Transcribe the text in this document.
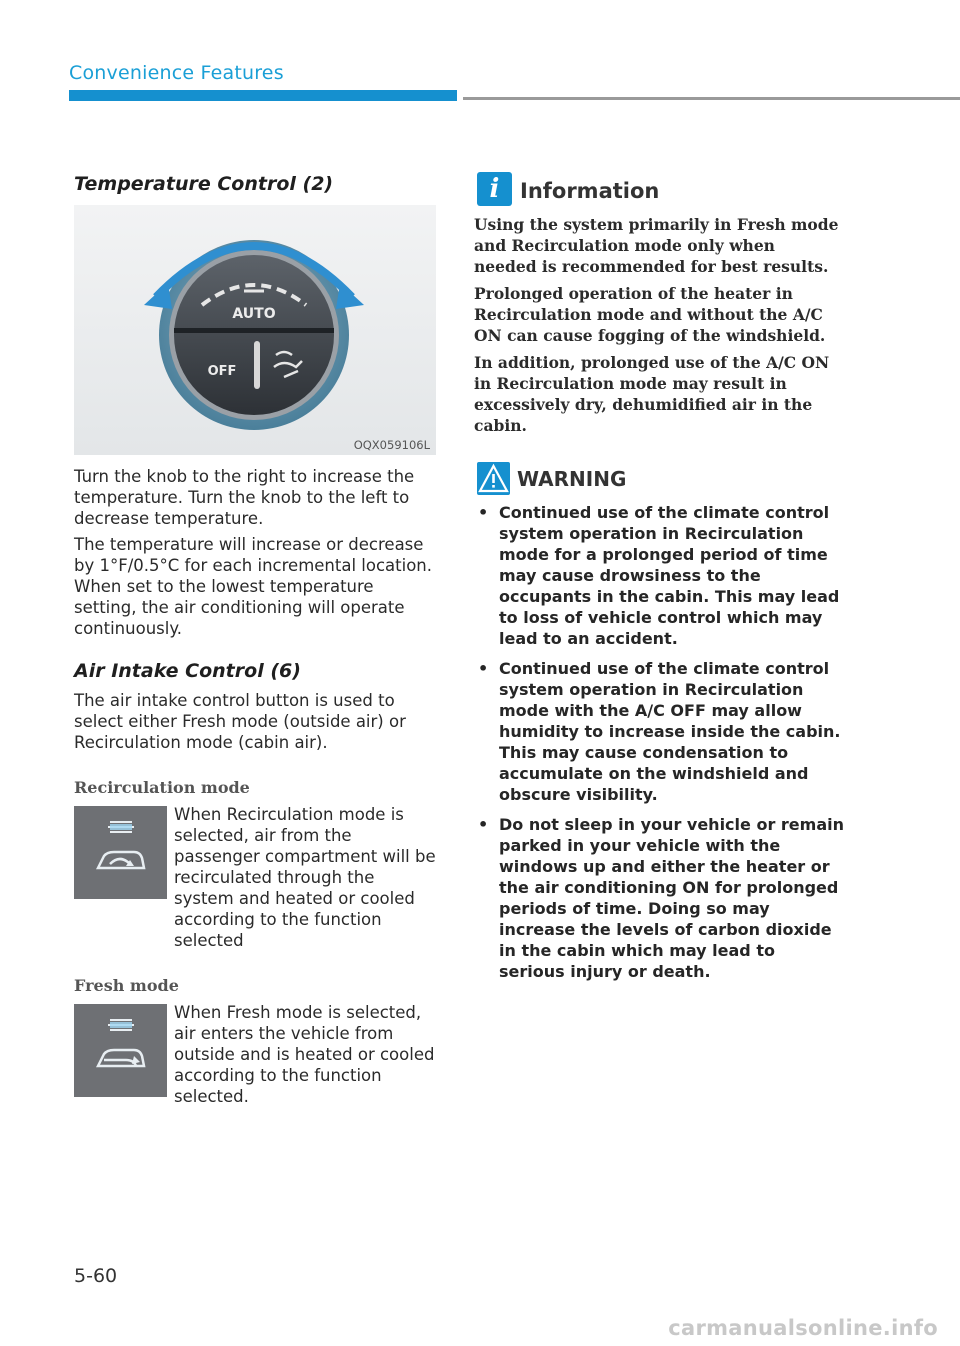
Convenience Features
Temperature Control (2)
AUTO
OFF
OQX059106L

Turn the knob to the right to increase the temperature. Turn the knob to the left to decrease temperature.

The temperature will increase or decrease by 1°F/0.5°C for each incremental location. When set to the lowest temperature setting, the air conditioning will operate continuously.

Air Intake Control (6)

The air intake control button is used to select either Fresh mode (outside air) or Recirculation mode (cabin air).

Recirculation mode

When Recirculation mode is selected, air from the passenger compartment will be recirculated through the system and heated or cooled according to the function selected

Fresh mode

When Fresh mode is selected, air enters the vehicle from outside and is heated or cooled according to the function selected.

i Information

Using the system primarily in Fresh mode and Recirculation mode only when needed is recommended for best results.

Prolonged operation of the heater in Recirculation mode and without the A/C ON can cause fogging of the windshield.

In addition, prolonged use of the A/C ON in Recirculation mode may result in excessively dry, dehumidified air in the cabin.

WARNING
• Continued use of the climate control system operation in Recirculation mode for a prolonged period of time may cause drowsiness to the occupants in the cabin. This may lead to loss of vehicle control which may lead to an accident.
• Continued use of the climate control system operation in Recirculation mode with the A/C OFF may allow humidity to increase inside the cabin. This may cause condensation to accumulate on the windshield and obscure visibility.
• Do not sleep in your vehicle or remain parked in your vehicle with the windows up and either the heater or the air conditioning ON for prolonged periods of time. Doing so may increase the levels of carbon dioxide in the cabin which may lead to serious injury or death.
5-60
carmanualsonline.info
